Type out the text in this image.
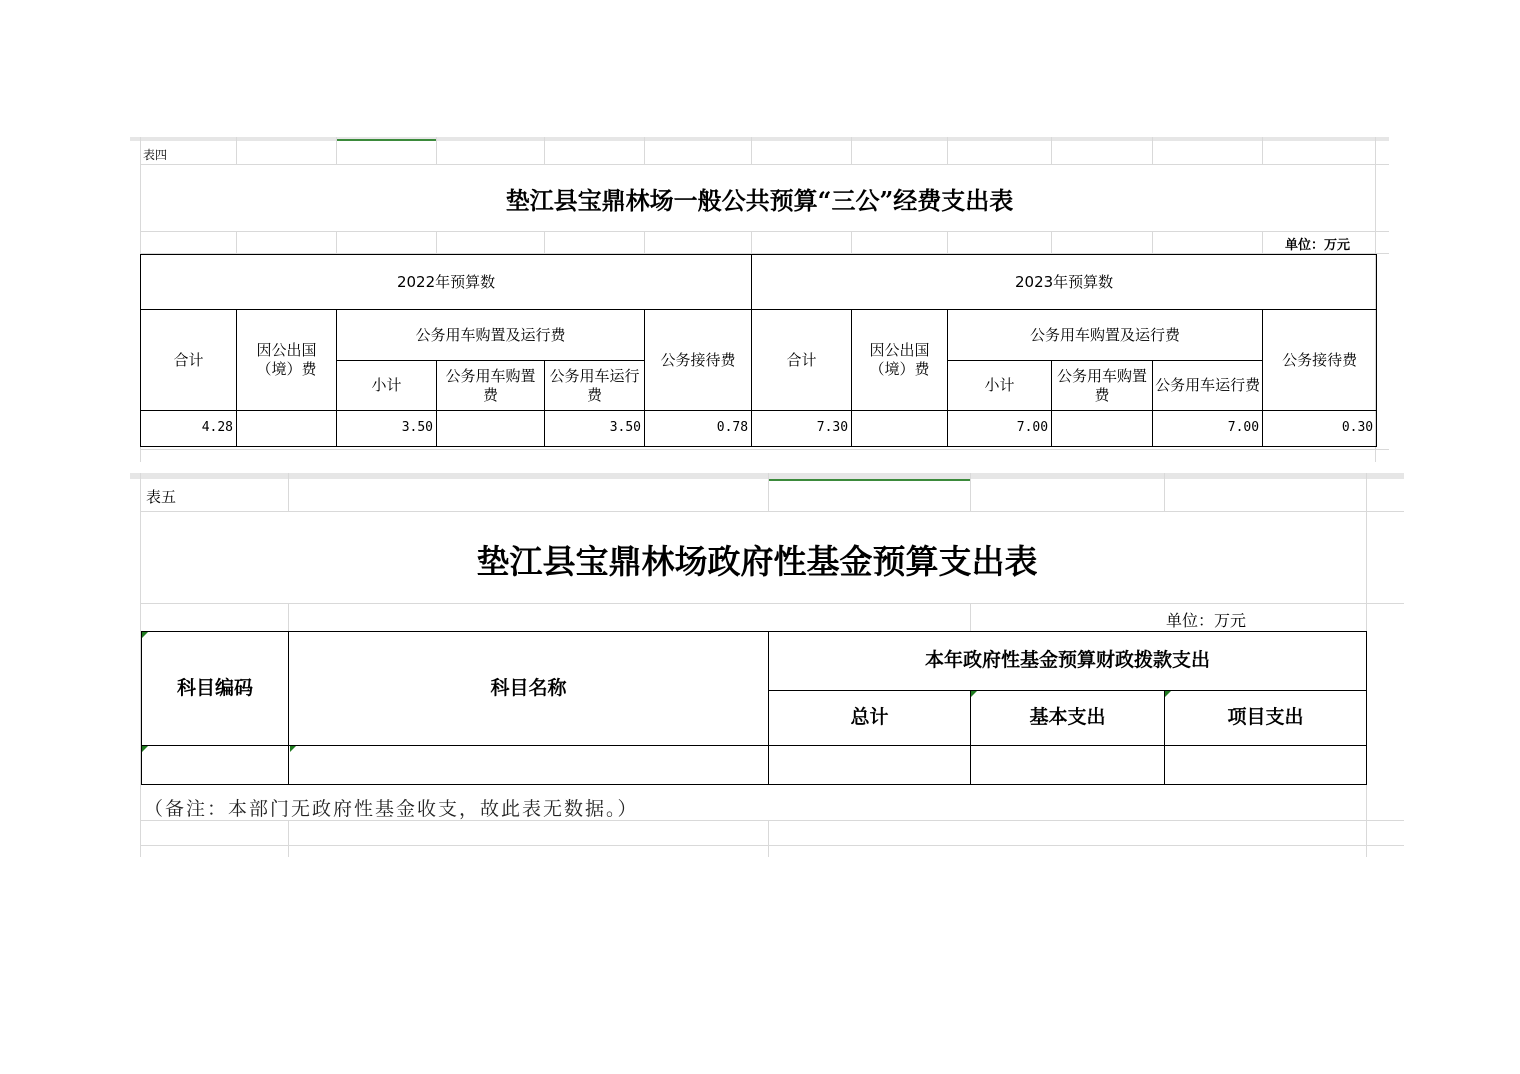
表四
垫江县宝鼎林场一般公共预算“三公”经费支出表
单位：万元
2022年预算数						2023年预算数					
合计	因公出国（境）费	公务用车购置及运行费			公务接待费	合计	因公出国（境）费	公务用车购置及运行费			公务接待费
		小计	公务用车购置费	公务用车运行费				小计	公务用车购置费	公务用车运行费	
4.28		3.50		3.50	0.78	7.30		7.00		7.00	0.30
表五
垫江县宝鼎林场政府性基金预算支出表
单位：万元
科目编码	科目名称	本年政府性基金预算财政拨款支出		
		总计	基本支出	项目支出

（备注：本部门无政府性基金收支，故此表无数据。）
